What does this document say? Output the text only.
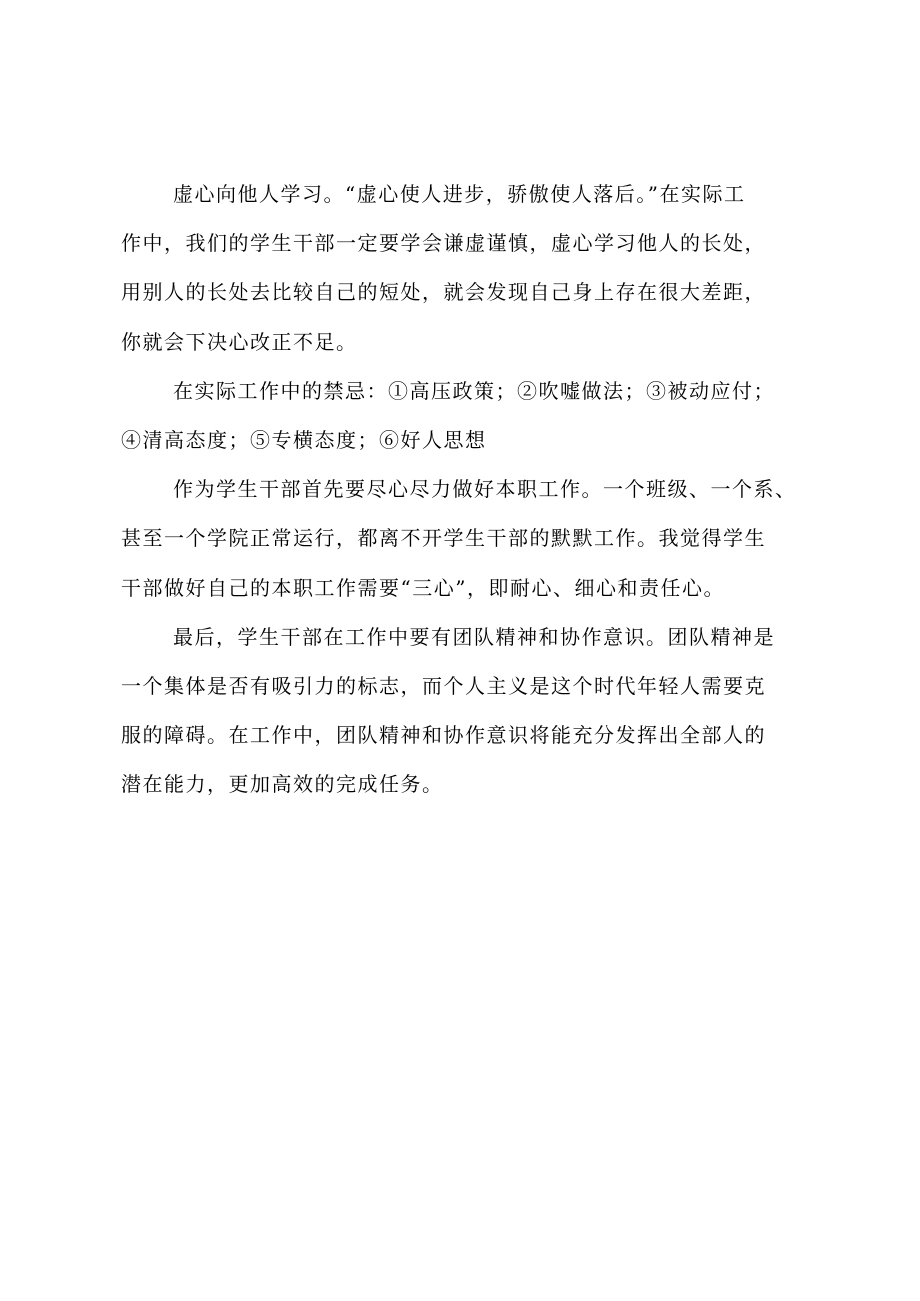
虚心向他人学习。“虚心使人进步，骄傲使人落后。”在实际工
作中，我们的学生干部一定要学会谦虚谨慎，虚心学习他人的长处，
用别人的长处去比较自己的短处，就会发现自己身上存在很大差距，
你就会下决心改正不足。
在实际工作中的禁忌：①高压政策；②吹嘘做法；③被动应付；
④清高态度；⑤专横态度；⑥好人思想
作为学生干部首先要尽心尽力做好本职工作。一个班级、一个系、
甚至一个学院正常运行，都离不开学生干部的默默工作。我觉得学生
干部做好自己的本职工作需要“三心”，即耐心、细心和责任心。
最后，学生干部在工作中要有团队精神和协作意识。团队精神是
一个集体是否有吸引力的标志，而个人主义是这个时代年轻人需要克
服的障碍。在工作中，团队精神和协作意识将能充分发挥出全部人的
潜在能力，更加高效的完成任务。
